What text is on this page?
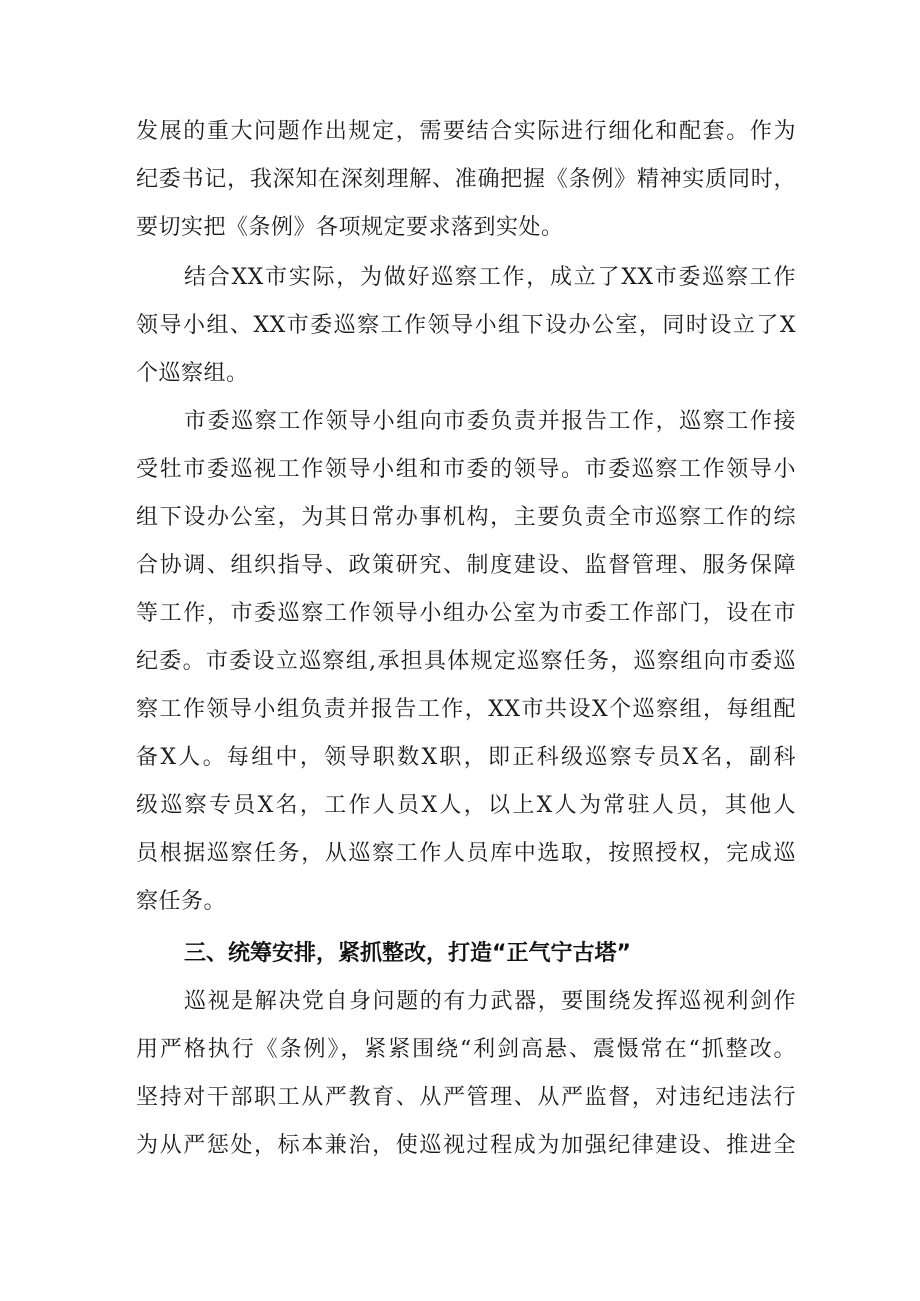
发展的重大问题作出规定，需要结合实际进行细化和配套。作为
纪委书记，我深知在深刻理解、准确把握《条例》精神实质同时，
要切实把《条例》各项规定要求落到实处。
结合XX市实际，为做好巡察工作，成立了XX市委巡察工作
领导小组、XX市委巡察工作领导小组下设办公室，同时设立了X
个巡察组。
市委巡察工作领导小组向市委负责并报告工作，巡察工作接
受牡市委巡视工作领导小组和市委的领导。市委巡察工作领导小
组下设办公室，为其日常办事机构，主要负责全市巡察工作的综
合协调、组织指导、政策研究、制度建设、监督管理、服务保障
等工作，市委巡察工作领导小组办公室为市委工作部门，设在市
纪委。市委设立巡察组,承担具体规定巡察任务，巡察组向市委巡
察工作领导小组负责并报告工作，XX市共设X个巡察组，每组配
备X人。每组中，领导职数X职，即正科级巡察专员X名，副科
级巡察专员X名，工作人员X人，以上X人为常驻人员，其他人
员根据巡察任务，从巡察工作人员库中选取，按照授权，完成巡
察任务。
三、统筹安排，紧抓整改，打造“正气宁古塔”
巡视是解决党自身问题的有力武器，要围绕发挥巡视利剑作
用严格执行《条例》，紧紧围绕“利剑高悬、震慑常在“抓整改。
坚持对干部职工从严教育、从严管理、从严监督，对违纪违法行
为从严惩处，标本兼治，使巡视过程成为加强纪律建设、推进全
